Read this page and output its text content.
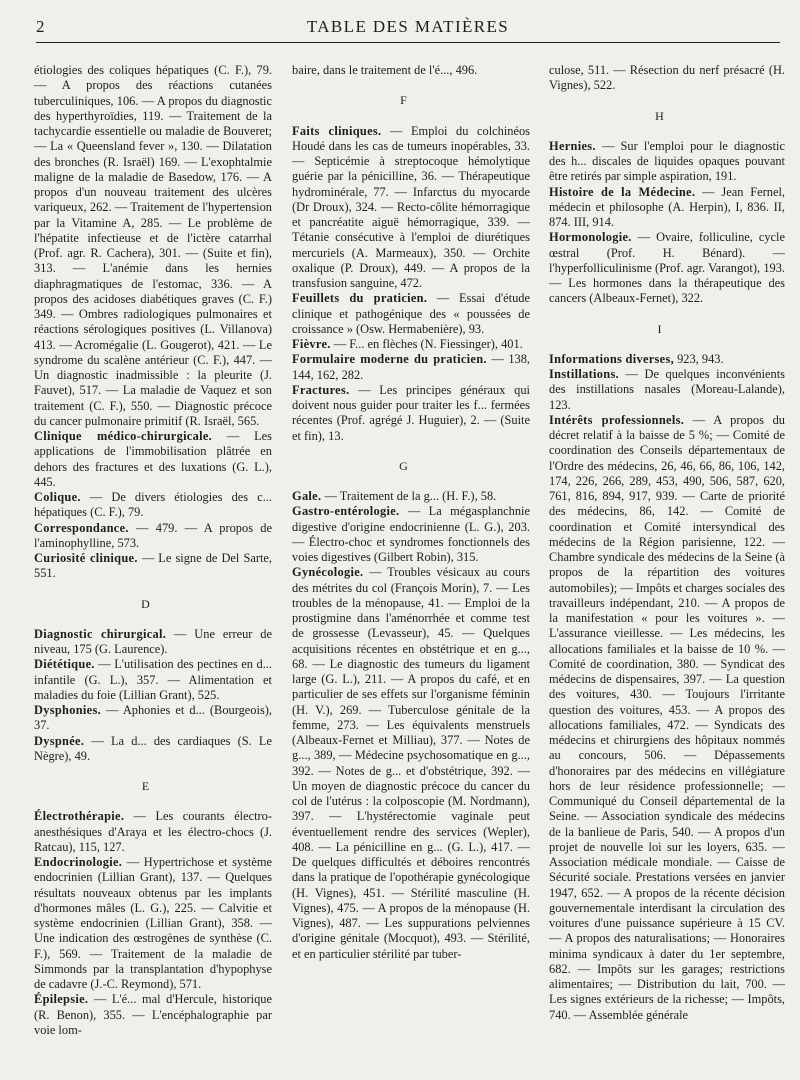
2	TABLE DES MATIÈRES

étiologies des coliques hépatiques (C. F.), 79. — A propos des réactions cutanées tuberculiniques, 106. — A propos du diagnostic des hyperthyroïdies, 119. — Traitement de la tachycardie essentielle ou maladie de Bouveret; — La « Queensland fever », 130. — Dilatation des bronches (R. Israël) 169. — L'exophtalmie maligne de la maladie de Basedow, 176. — A propos d'un nouveau traitement des ulcères variqueux, 262. — Traitement de l'hypertension par la Vitamine A, 285. — Le problème de l'hépatite infectieuse et de l'ictère catarrhal (Prof. agr. R. Cachera), 301. — (Suite et fin), 313. — L'anémie dans les hernies diaphragmatiques de l'estomac, 336. — A propos des acidoses diabétiques graves (C. F.) 349. — Ombres radiologiques pulmonaires et réactions sérologiques positives (L. Villanova) 413. — Acromégalie (L. Gougerot), 421. — Le syndrome du scalène antérieur (C. F.), 447. — Un diagnostic inadmissible : la pleurite (J. Fauvet), 517. — La maladie de Vaquez et son traitement (C. F.), 550. — Diagnostic précoce du cancer pulmonaire primitif (R. Israël, 565.

Clinique médico-chirurgicale. — Les applications de l'immobilisation plâtrée en dehors des fractures et des luxations (G. L.), 445.

Colique. — De divers étiologies des c... hépatiques (C. F.), 79.

Correspondance. — 479. — A propos de l'aminophylline, 573.

Curiosité clinique. — Le signe de Del Sarte, 551.

D

Diagnostic chirurgical. — Une erreur de niveau, 175 (G. Laurence).

Diététique. — L'utilisation des pectines en d... infantile (G. L.), 357. — Alimentation et maladies du foie (Lillian Grant), 525.

Dysphonies. — Aphonies et d... (Bourgeois), 37.

Dyspnée. — La d... des cardiaques (S. Le Nègre), 49.

E

Électrothérapie. — Les courants électro-anesthésiques d'Araya et les électro-chocs (J. Ratcau), 115, 127.

Endocrinologie. — Hypertrichose et système endocrinien (Lillian Grant), 137. — Quelques résultats nouveaux obtenus par les implants d'hormones mâles (L. G.), 225. — Calvitie et système endocrinien (Lillian Grant), 358. — Une indication des œstrogènes de synthèse (C. F.), 569. — Traitement de la maladie de Simmonds par la transplantation d'hypophyse de cadavre (J.-C. Reymond), 571.

Épilepsie. — L'é... mal d'Hercule, historique (R. Benon), 355. — L'encéphalographie par voie lom-

baire, dans le traitement de l'é..., 496.

F

Faits cliniques. — Emploi du colchinéos Houdé dans les cas de tumeurs inopérables, 33. — Septicémie à streptocoque hémolytique guérie par la pénicilline, 36. — Thérapeutique hydrominérale, 77. — Infarctus du myocarde (Dr Droux), 324. — Recto-côlite hémorragique et pancréatite aiguë hémorragique, 339. — Tétanie consécutive à l'emploi de diurétiques mercuriels (A. Marmeaux), 350. — Orchite oxalique (P. Droux), 449. — A propos de la transfusion sanguine, 472.

Feuillets du praticien. — Essai d'étude clinique et pathogénique des « poussées de croissance » (Osw. Hermabenière), 93.

Fièvre. — F... en flèches (N. Fiessinger), 401.

Formulaire moderne du praticien. — 138, 144, 162, 282.

Fractures. — Les principes généraux qui doivent nous guider pour traiter les f... fermées récentes (Prof. agrégé J. Huguier), 2. — (Suite et fin), 13.

G

Gale. — Traitement de la g... (H. F.), 58.

Gastro-entérologie. — La mégasplanchnie digestive d'origine endocrinienne (L. G.), 203. — Électro-choc et syndromes fonctionnels des voies digestives (Gilbert Robin), 315.

Gynécologie. — Troubles vésicaux au cours des métrites du col (François Morin), 7. — Les troubles de la ménopause, 41. — Emploi de la prostigmine dans l'aménorrhée et comme test de grossesse (Levasseur), 45. — Quelques acquisitions récentes en obstétrique et en g..., 68. — Le diagnostic des tumeurs du ligament large (G. L.), 211. — A propos du café, et en particulier de ses effets sur l'organisme féminin (H. V.), 269. — Tuberculose génitale de la femme, 273. — Les équivalents menstruels (Albeaux-Fernet et Milliau), 377. — Notes de g..., 389, — Médecine psychosomatique en g..., 392. — Notes de g... et d'obstétrique, 392. — Un moyen de diagnostic précoce du cancer du col de l'utérus : la colposcopie (M. Nordmann), 397. — L'hystérectomie vaginale peut éventuellement rendre des services (Wepler), 408. — La pénicilline en g... (G. L.), 417. — De quelques difficultés et déboires rencontrés dans la pratique de l'opothérapie gynécologique (H. Vignes), 451. — Stérilité masculine (H. Vignes), 475. — A propos de la ménopause (H. Vignes), 487. — Les suppurations pelviennes d'origine génitale (Mocquot), 493. — Stérilité, et en particulier stérilité par tuber-

culose, 511. — Résection du nerf présacré (H. Vignes), 522.

H

Hernies. — Sur l'emploi pour le diagnostic des h... discales de liquides opaques pouvant être retirés par simple aspiration, 191.

Histoire de la Médecine. — Jean Fernel, médecin et philosophe (A. Herpin), I, 836. II, 874. III, 914.

Hormonologie. — Ovaire, folliculine, cycle œstral (Prof. H. Bénard). — l'hyperfolliculinisme (Prof. agr. Varangot), 193. — Les hormones dans la thérapeutique des cancers (Albeaux-Fernet), 322.

I

Informations diverses, 923, 943.

Instillations. — De quelques inconvénients des instillations nasales (Moreau-Lalande), 123.

Intérêts professionnels. — A propos du décret relatif à la baisse de 5 %; — Comité de coordination des Conseils départementaux de l'Ordre des médecins, 26, 46, 66, 86, 106, 142, 174, 226, 266, 289, 453, 490, 506, 587, 620, 761, 816, 894, 917, 939. — Carte de priorité des médecins, 86, 142. — Comité de coordination et Comité intersyndical des médecins de la Région parisienne, 122. — Chambre syndicale des médecins de la Seine (à propos de la répartition des voitures automobiles); — Impôts et charges sociales des travailleurs indépendant, 210. — A propos de la manifestation « pour les voitures ». — L'assurance vieillesse. — Les médecins, les allocations familiales et la baisse de 10 %. — Comité de coordination, 380. — Syndicat des médecins de dispensaires, 397. — La question des voitures, 430. — Toujours l'irritante question des voitures, 453. — A propos des allocations familiales, 472. — Syndicats des médecins et chirurgiens des hôpitaux nommés au concours, 506. — Dépassements d'honoraires par des médecins en villégiature hors de leur résidence professionnelle; — Communiqué du Conseil départemental de la Seine. — Association syndicale des médecins de la banlieue de Paris, 540. — A propos d'un projet de nouvelle loi sur les loyers, 635. — Association médicale mondiale. — Caisse de Sécurité sociale. Prestations versées en janvier 1947, 652. — A propos de la récente décision gouvernementale interdisant la circulation des voitures d'une puissance supérieure à 15 CV. — A propos des naturalisations; — Honoraires minima syndicaux à dater du 1er septembre, 682. — Impôts sur les garages; restrictions alimentaires; — Distribution du lait, 700. — Les signes extérieurs de la richesse; — Impôts, 740. — Assemblée générale
